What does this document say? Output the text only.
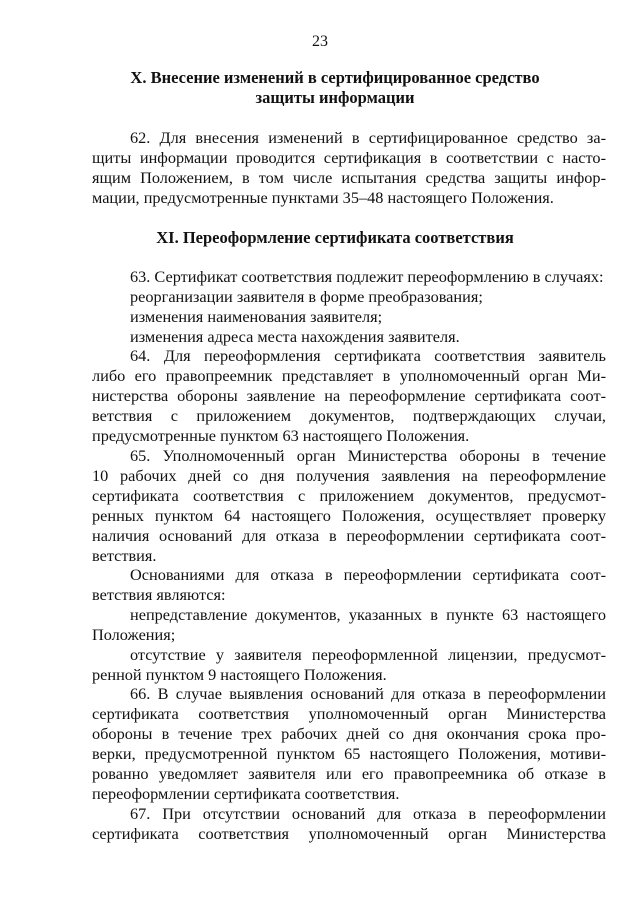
23
X. Внесение изменений в сертифицированное средство
защиты информации
62. Для внесения изменений в сертифицированное средство за-
щиты информации проводится сертификация в соответствии с насто-
ящим Положением, в том числе испытания средства защиты инфор-
мации, предусмотренные пунктами 35–48 настоящего Положения.
XI. Переоформление сертификата соответствия
63. Сертификат соответствия подлежит переоформлению в случаях:
реорганизации заявителя в форме преобразования;
изменения наименования заявителя;
изменения адреса места нахождения заявителя.
64. Для переоформления сертификата соответствия заявитель
либо его правопреемник представляет в уполномоченный орган Ми-
нистерства обороны заявление на переоформление сертификата соот-
ветствия с приложением документов, подтверждающих случаи,
предусмотренные пунктом 63 настоящего Положения.
65. Уполномоченный орган Министерства обороны в течение
10 рабочих дней со дня получения заявления на переоформление
сертификата соответствия с приложением документов, предусмот-
ренных пунктом 64 настоящего Положения, осуществляет проверку
наличия оснований для отказа в переоформлении сертификата соот-
ветствия.
Основаниями для отказа в переоформлении сертификата соот-
ветствия являются:
непредставление документов, указанных в пункте 63 настоящего
Положения;
отсутствие у заявителя переоформленной лицензии, предусмот-
ренной пунктом 9 настоящего Положения.
66. В случае выявления оснований для отказа в переоформлении
сертификата соответствия уполномоченный орган Министерства
обороны в течение трех рабочих дней со дня окончания срока про-
верки, предусмотренной пунктом 65 настоящего Положения, мотиви-
рованно уведомляет заявителя или его правопреемника об отказе в
переоформлении сертификата соответствия.
67. При отсутствии оснований для отказа в переоформлении
сертификата соответствия уполномоченный орган Министерства
